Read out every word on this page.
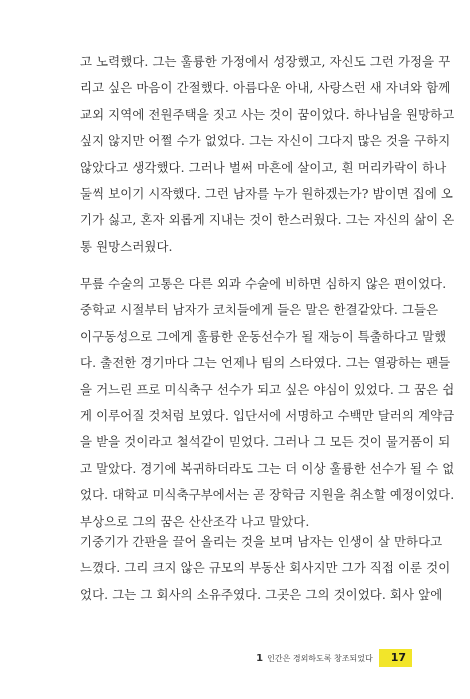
고 노력했다. 그는 훌륭한 가정에서 성장했고, 자신도 그런 가정을 꾸
리고 싶은 마음이 간절했다. 아름다운 아내, 사랑스런 새 자녀와 함께
교외 지역에 전원주택을 짓고 사는 것이 꿈이었다. 하나님을 원망하고
싶지 않지만 어쩔 수가 없었다. 그는 자신이 그다지 많은 것을 구하지
않았다고 생각했다. 그러나 벌써 마흔에 살이고, 흰 머리카락이 하나
둘씩 보이기 시작했다. 그런 남자를 누가 원하겠는가? 밤이면 집에 오
기가 싫고, 혼자 외롭게 지내는 것이 한스러웠다. 그는 자신의 삶이 온
통 원망스러웠다.
무릎 수술의 고통은 다른 외과 수술에 비하면 심하지 않은 편이었다.
중학교 시절부터 남자가 코치들에게 들은 말은 한결같았다. 그들은
이구동성으로 그에게 훌륭한 운동선수가 될 재능이 특출하다고 말했
다. 출전한 경기마다 그는 언제나 팀의 스타였다. 그는 열광하는 팬들
을 거느린 프로 미식축구 선수가 되고 싶은 야심이 있었다. 그 꿈은 쉽
게 이루어질 것처럼 보였다. 입단서에 서명하고 수백만 달러의 계약금
을 받을 것이라고 철석같이 믿었다. 그러나 그 모든 것이 물거품이 되
고 말았다. 경기에 복귀하더라도 그는 더 이상 훌륭한 선수가 될 수 없
었다. 대학교 미식축구부에서는 곧 장학금 지원을 취소할 예정이었다.
부상으로 그의 꿈은 산산조각 나고 말았다.
기중기가 간판을 끌어 올리는 것을 보며 남자는 인생이 살 만하다고
느꼈다. 그리 크지 않은 규모의 부동산 회사지만 그가 직접 이룬 것이
었다. 그는 그 회사의 소유주였다. 그곳은 그의 것이었다. 회사 앞에
1 인간은 경외하도록 창조되었다	17
